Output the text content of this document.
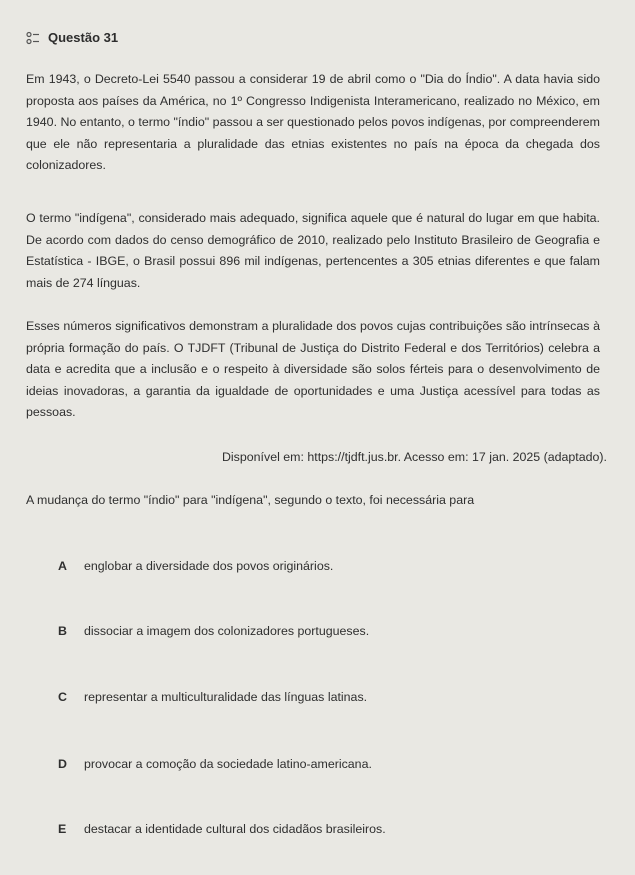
Questão 31
Em 1943, o Decreto-Lei 5540 passou a considerar 19 de abril como o "Dia do Índio". A data havia sido proposta aos países da América, no 1º Congresso Indigenista Interamericano, realizado no México, em 1940. No entanto, o termo "índio" passou a ser questionado pelos povos indígenas, por compreenderem que ele não representaria a pluralidade das etnias existentes no país na época da chegada dos colonizadores.
O termo "indígena", considerado mais adequado, significa aquele que é natural do lugar em que habita. De acordo com dados do censo demográfico de 2010, realizado pelo Instituto Brasileiro de Geografia e Estatística - IBGE, o Brasil possui 896 mil indígenas, pertencentes a 305 etnias diferentes e que falam mais de 274 línguas.
Esses números significativos demonstram a pluralidade dos povos cujas contribuições são intrínsecas à própria formação do país. O TJDFT (Tribunal de Justiça do Distrito Federal e dos Territórios) celebra a data e acredita que a inclusão e o respeito à diversidade são solos férteis para o desenvolvimento de ideias inovadoras, a garantia da igualdade de oportunidades e uma Justiça acessível para todas as pessoas.
Disponível em: https://tjdft.jus.br. Acesso em: 17 jan. 2025 (adaptado).
A mudança do termo "índio" para "indígena", segundo o texto, foi necessária para
A	englobar a diversidade dos povos originários.
B	dissociar a imagem dos colonizadores portugueses.
C	representar a multiculturalidade das línguas latinas.
D	provocar a comoção da sociedade latino-americana.
E	destacar a identidade cultural dos cidadãos brasileiros.
